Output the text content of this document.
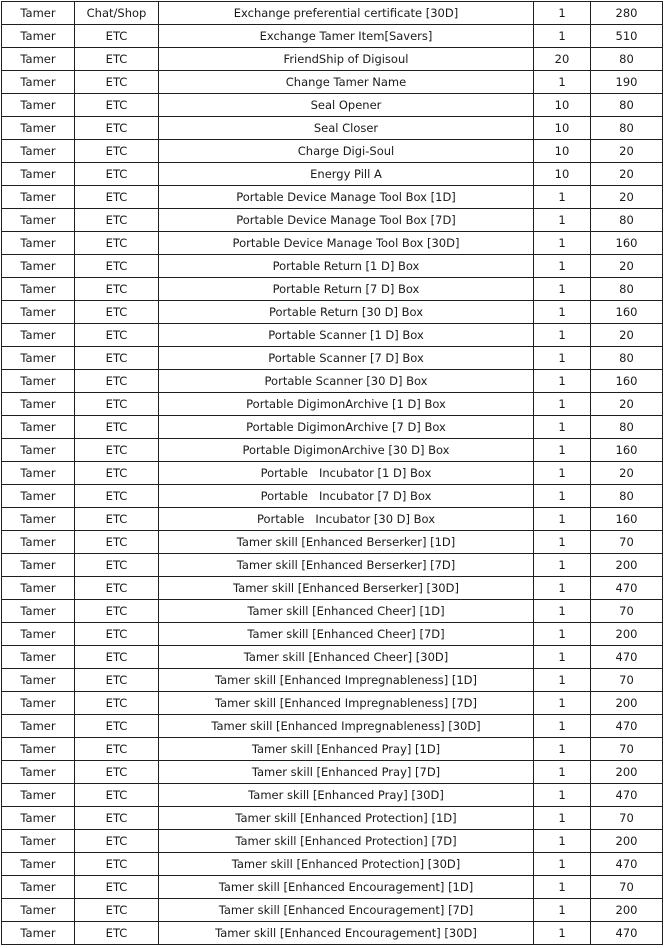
Tamer	Chat/Shop	Exchange preferential certificate [30D]	1	280
Tamer	ETC	Exchange Tamer Item[Savers]	1	510
Tamer	ETC	FriendShip of Digisoul	20	80
Tamer	ETC	Change Tamer Name	1	190
Tamer	ETC	Seal Opener	10	80
Tamer	ETC	Seal Closer	10	80
Tamer	ETC	Charge Digi-Soul	10	20
Tamer	ETC	Energy Pill A	10	20
Tamer	ETC	Portable Device Manage Tool Box [1D]	1	20
Tamer	ETC	Portable Device Manage Tool Box [7D]	1	80
Tamer	ETC	Portable Device Manage Tool Box [30D]	1	160
Tamer	ETC	Portable Return [1 D] Box	1	20
Tamer	ETC	Portable Return [7 D] Box	1	80
Tamer	ETC	Portable Return [30 D] Box	1	160
Tamer	ETC	Portable Scanner [1 D] Box	1	20
Tamer	ETC	Portable Scanner [7 D] Box	1	80
Tamer	ETC	Portable Scanner [30 D] Box	1	160
Tamer	ETC	Portable DigimonArchive [1 D] Box	1	20
Tamer	ETC	Portable DigimonArchive [7 D] Box	1	80
Tamer	ETC	Portable DigimonArchive [30 D] Box	1	160
Tamer	ETC	Portable   Incubator [1 D] Box	1	20
Tamer	ETC	Portable   Incubator [7 D] Box	1	80
Tamer	ETC	Portable   Incubator [30 D] Box	1	160
Tamer	ETC	Tamer skill [Enhanced Berserker] [1D]	1	70
Tamer	ETC	Tamer skill [Enhanced Berserker] [7D]	1	200
Tamer	ETC	Tamer skill [Enhanced Berserker] [30D]	1	470
Tamer	ETC	Tamer skill [Enhanced Cheer] [1D]	1	70
Tamer	ETC	Tamer skill [Enhanced Cheer] [7D]	1	200
Tamer	ETC	Tamer skill [Enhanced Cheer] [30D]	1	470
Tamer	ETC	Tamer skill [Enhanced Impregnableness] [1D]	1	70
Tamer	ETC	Tamer skill [Enhanced Impregnableness] [7D]	1	200
Tamer	ETC	Tamer skill [Enhanced Impregnableness] [30D]	1	470
Tamer	ETC	Tamer skill [Enhanced Pray] [1D]	1	70
Tamer	ETC	Tamer skill [Enhanced Pray] [7D]	1	200
Tamer	ETC	Tamer skill [Enhanced Pray] [30D]	1	470
Tamer	ETC	Tamer skill [Enhanced Protection] [1D]	1	70
Tamer	ETC	Tamer skill [Enhanced Protection] [7D]	1	200
Tamer	ETC	Tamer skill [Enhanced Protection] [30D]	1	470
Tamer	ETC	Tamer skill [Enhanced Encouragement] [1D]	1	70
Tamer	ETC	Tamer skill [Enhanced Encouragement] [7D]	1	200
Tamer	ETC	Tamer skill [Enhanced Encouragement] [30D]	1	470
